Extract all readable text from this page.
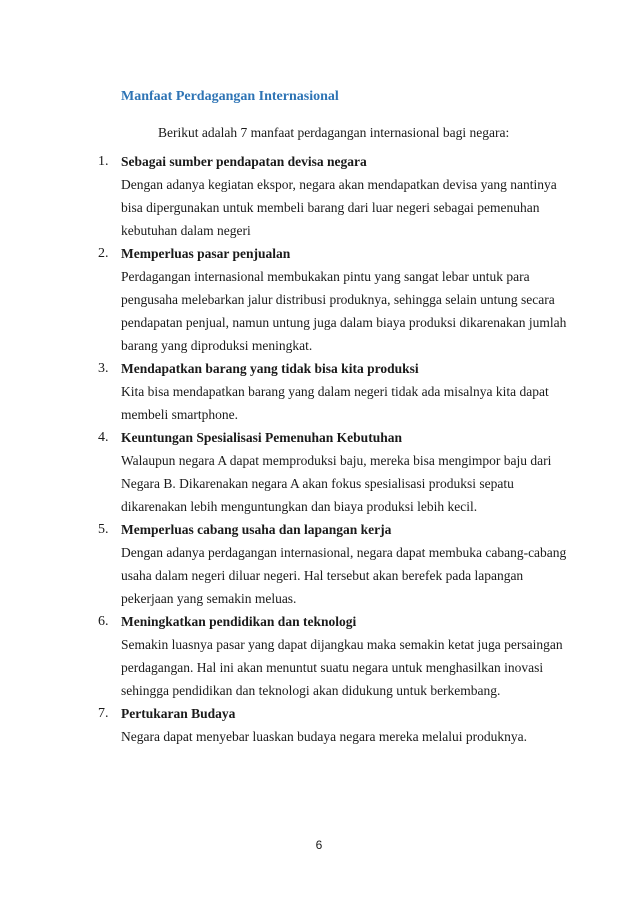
Manfaat Perdagangan Internasional
Berikut adalah 7 manfaat perdagangan internasional bagi negara:
1. Sebagai sumber pendapatan devisa negara
Dengan adanya kegiatan ekspor, negara akan mendapatkan devisa yang nantinya
bisa dipergunakan untuk membeli barang dari luar negeri sebagai pemenuhan
kebutuhan dalam negeri
2. Memperluas pasar penjualan
Perdagangan internasional membukakan pintu yang sangat lebar untuk para
pengusaha melebarkan jalur distribusi produknya, sehingga selain untung secara
pendapatan penjual, namun untung juga dalam biaya produksi dikarenakan jumlah
barang yang diproduksi meningkat.
3. Mendapatkan barang yang tidak bisa kita produksi
Kita bisa mendapatkan barang yang dalam negeri tidak ada misalnya kita dapat
membeli smartphone.
4. Keuntungan Spesialisasi Pemenuhan Kebutuhan
Walaupun negara A dapat memproduksi baju, mereka bisa mengimpor baju dari
Negara B. Dikarenakan negara A akan fokus spesialisasi produksi sepatu
dikarenakan lebih menguntungkan dan biaya produksi lebih kecil.
5. Memperluas cabang usaha dan lapangan kerja
Dengan adanya perdagangan internasional, negara dapat membuka cabang-cabang
usaha dalam negeri diluar negeri. Hal tersebut akan berefek pada lapangan
pekerjaan yang semakin meluas.
6. Meningkatkan pendidikan dan teknologi
Semakin luasnya pasar yang dapat dijangkau maka semakin ketat juga persaingan
perdagangan. Hal ini akan menuntut suatu negara untuk menghasilkan inovasi
sehingga pendidikan dan teknologi akan didukung untuk berkembang.
7. Pertukaran Budaya
Negara dapat menyebar luaskan budaya negara mereka melalui produknya.
6
